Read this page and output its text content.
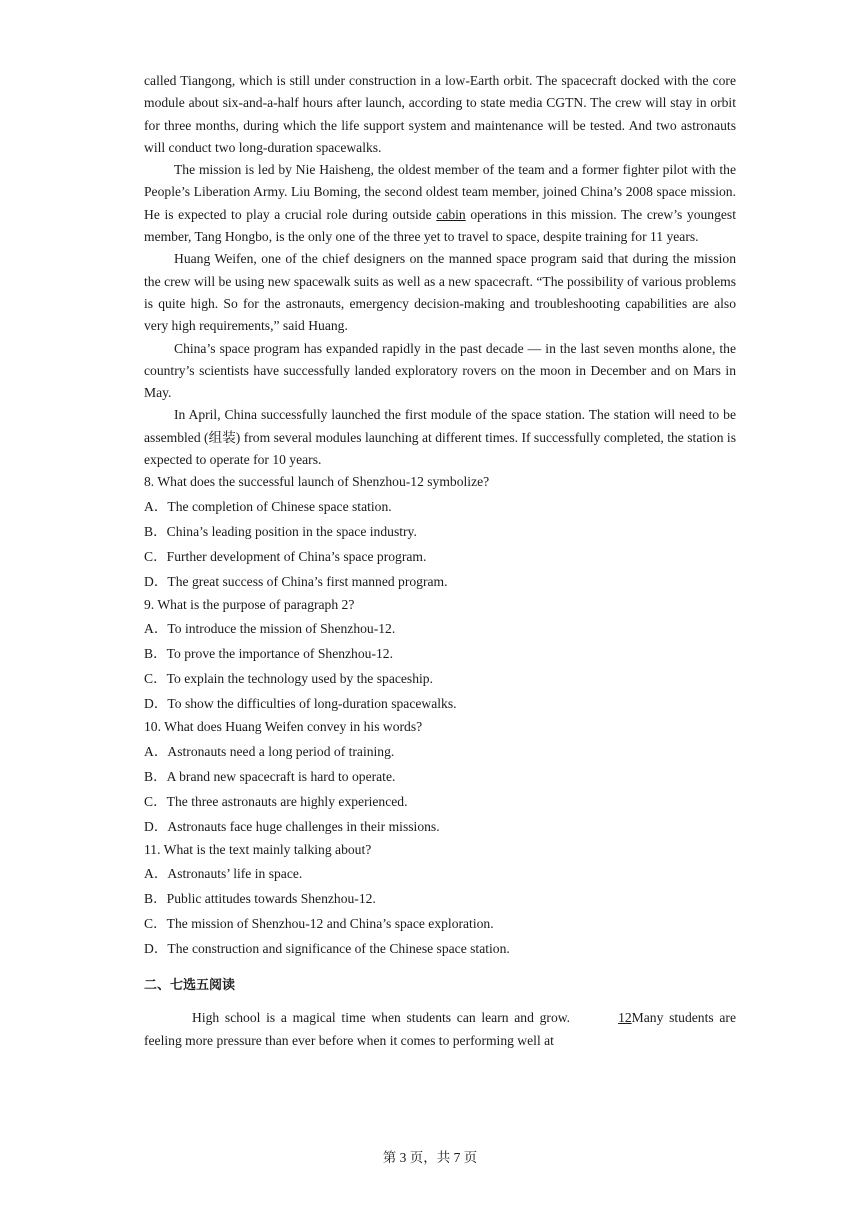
called Tiangong, which is still under construction in a low-Earth orbit. The spacecraft docked with the core module about six-and-a-half hours after launch, according to state media CGTN. The crew will stay in orbit for three months, during which the life support system and maintenance will be tested. And two astronauts will conduct two long-duration spacewalks.

The mission is led by Nie Haisheng, the oldest member of the team and a former fighter pilot with the People’s Liberation Army. Liu Boming, the second oldest team member, joined China’s 2008 space mission. He is expected to play a crucial role during outside cabin operations in this mission. The crew’s youngest member, Tang Hongbo, is the only one of the three yet to travel to space, despite training for 11 years.

Huang Weifen, one of the chief designers on the manned space program said that during the mission the crew will be using new spacewalk suits as well as a new spacecraft. “The possibility of various problems is quite high. So for the astronauts, emergency decision-making and troubleshooting capabilities are also very high requirements,” said Huang.

China’s space program has expanded rapidly in the past decade — in the last seven months alone, the country’s scientists have successfully landed exploratory rovers on the moon in December and on Mars in May.

In April, China successfully launched the first module of the space station. The station will need to be assembled (组装) from several modules launching at different times. If successfully completed, the station is expected to operate for 10 years.

8. What does the successful launch of Shenzhou-12 symbolize?

A．The completion of Chinese space station.

B．China’s leading position in the space industry.

C．Further development of China’s space program.

D．The great success of China’s first manned program.

9. What is the purpose of paragraph 2?

A．To introduce the mission of Shenzhou-12.

B．To prove the importance of Shenzhou-12.

C．To explain the technology used by the spaceship.

D．To show the difficulties of long-duration spacewalks.

10. What does Huang Weifen convey in his words?

A．Astronauts need a long period of training.

B．A brand new spacecraft is hard to operate.

C．The three astronauts are highly experienced.

D．Astronauts face huge challenges in their missions.

11. What is the text mainly talking about?

A．Astronauts’ life in space.

B．Public attitudes towards Shenzhou-12.

C．The mission of Shenzhou-12 and China’s space exploration.

D．The construction and significance of the Chinese space station.

二、七选五阅读

High school is a magical time when students can learn and grow.	12Many students are feeling more pressure than ever before when it comes to performing well at

第 3 页，共 7 页
